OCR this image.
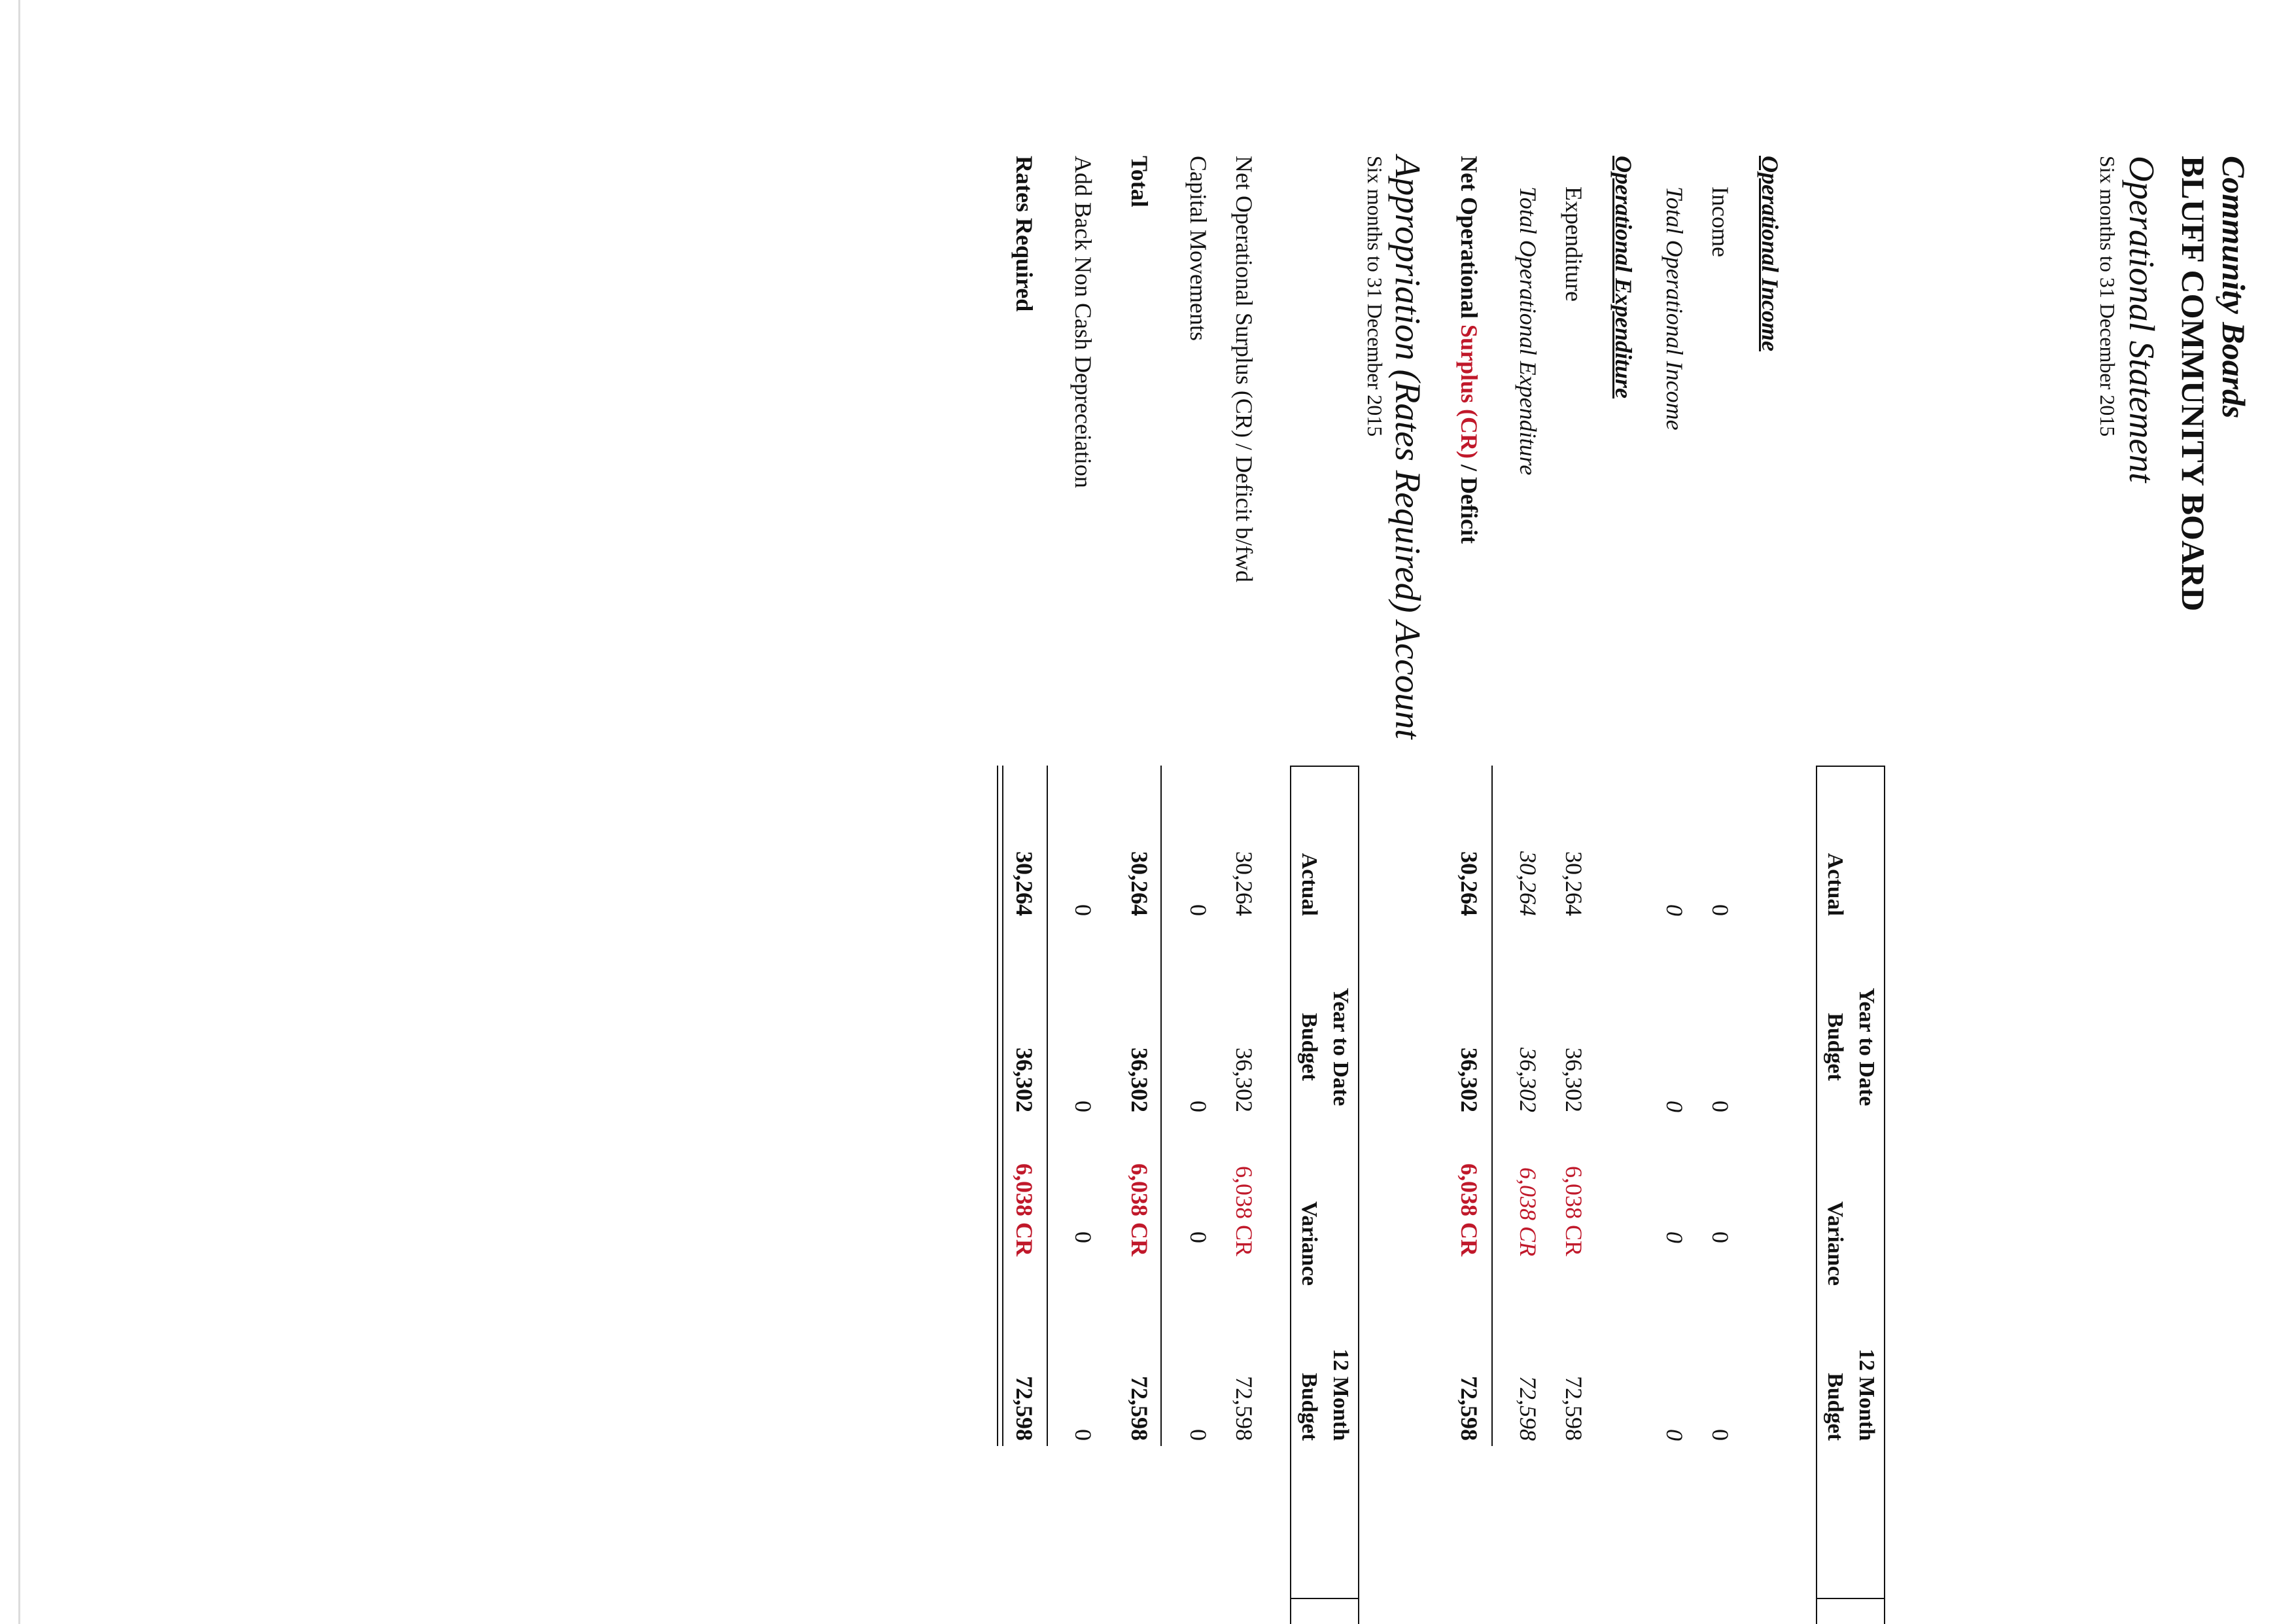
Community Boards
BLUFF COMMUNITY BOARD
Operational Statement
Six months to 31 December 2015
Year to Date
Actual
Budget
Variance
12 Month
Budget
Operational Income
Income
0
0
0
0
Total Operational Income
0
0
0
0
Operational Expenditure
Expenditure
30,264
36,302
6,038 CR
72,598
Total Operational Expenditure
30,264
36,302
6,038 CR
72,598
Net Operational Surplus (CR) / Deficit
30,264
36,302
6,038 CR
72,598
Appropriation (Rates Required) Account
Six months to 31 December 2015
Year to Date
Actual
Budget
Variance
12 Month
Budget
Net Operational Surplus (CR) / Deficit b/fwd
30,264
36,302
6,038 CR
72,598
Capital Movements
0
0
0
0
Total
30,264
36,302
6,038 CR
72,598
Add Back Non Cash Depreceiation
0
0
0
0
Rates Required
30,264
36,302
6,038 CR
72,598
